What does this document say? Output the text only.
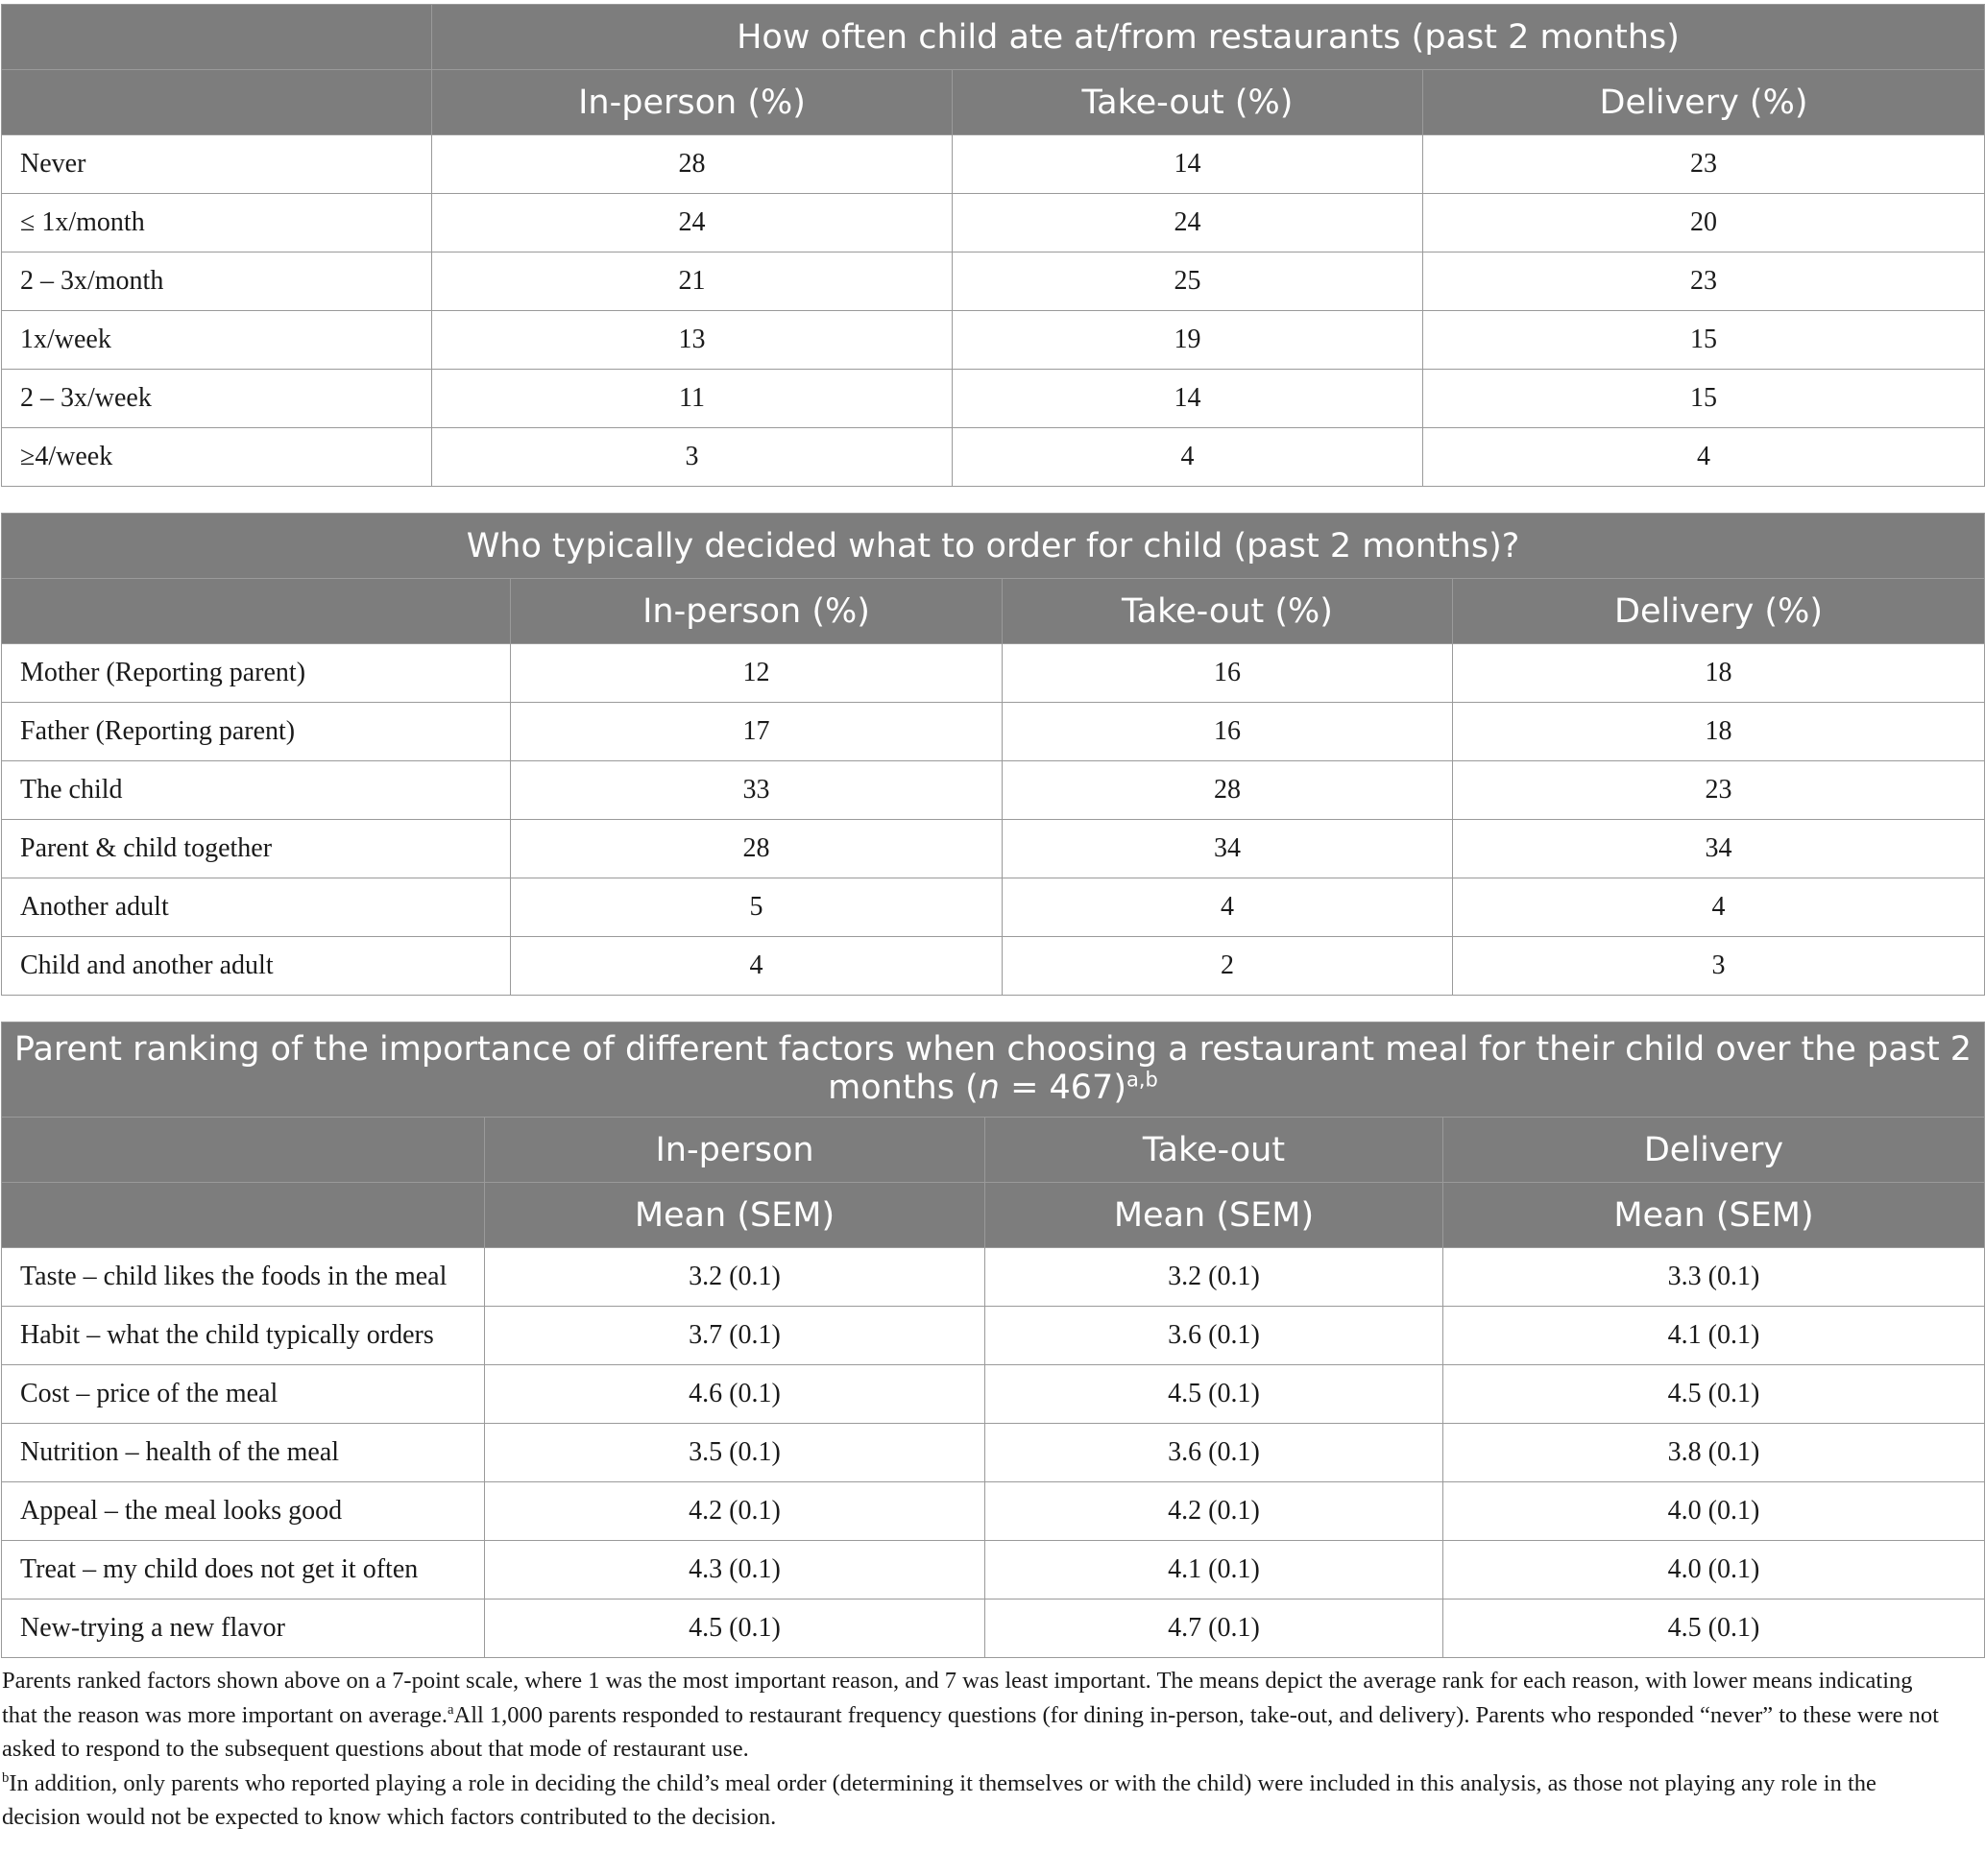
	How often child ate at/from restaurants (past 2 months)		
	In-person (%)	Take-out (%)	Delivery (%)
Never	28	14	23
≤ 1x/month	24	24	20
2 – 3x/month	21	25	23
1x/week	13	19	15
2 – 3x/week	11	14	15
≥4/week	3	4	4
Who typically decided what to order for child (past 2 months)?			
	In-person (%)	Take-out (%)	Delivery (%)
Mother (Reporting parent)	12	16	18
Father (Reporting parent)	17	16	18
The child	33	28	23
Parent & child together	28	34	34
Another adult	5	4	4
Child and another adult	4	2	3
Parent ranking of the importance of different factors when choosing a restaurant meal for their child over the past 2 months (n = 467)$^{a,b}$
	In-person	Take-out	Delivery
	Mean (SEM)	Mean (SEM)	Mean (SEM)
Taste – child likes the foods in the meal	3.2 (0.1)	3.2 (0.1)	3.3 (0.1)
Habit – what the child typically orders	3.7 (0.1)	3.6 (0.1)	4.1 (0.1)
Cost – price of the meal	4.6 (0.1)	4.5 (0.1)	4.5 (0.1)
Nutrition – health of the meal	3.5 (0.1)	3.6 (0.1)	3.8 (0.1)
Appeal – the meal looks good	4.2 (0.1)	4.2 (0.1)	4.0 (0.1)
Treat – my child does not get it often	4.3 (0.1)	4.1 (0.1)	4.0 (0.1)
New-trying a new flavor	4.5 (0.1)	4.7 (0.1)	4.5 (0.1)

Parents ranked factors shown above on a 7-point scale, where 1 was the most important reason, and 7 was least important. The means depict the average rank for each reason, with lower means indicating that the reason was more important on average.$^a$All 1,000 parents responded to restaurant frequency questions (for dining in-person, take-out, and delivery). Parents who responded “never” to these were not asked to respond to the subsequent questions about that mode of restaurant use.

$^b$In addition, only parents who reported playing a role in deciding the child’s meal order (determining it themselves or with the child) were included in this analysis, as those not playing any role in the decision would not be expected to know which factors contributed to the decision.
